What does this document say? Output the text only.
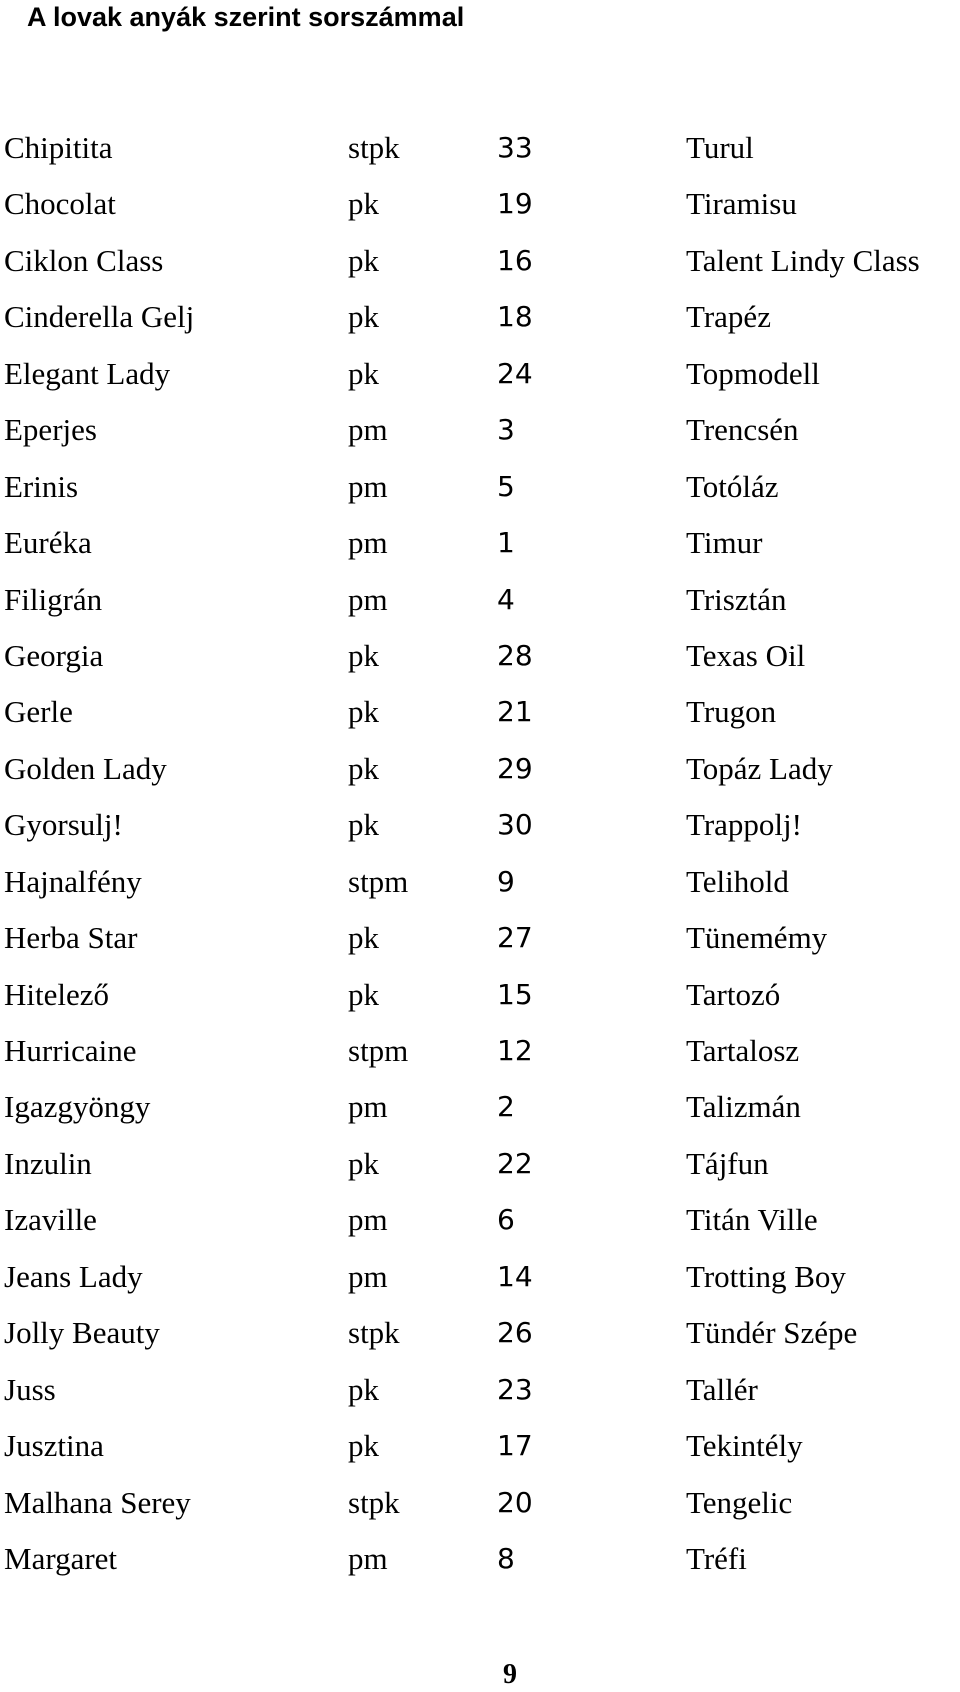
A lovak anyák szerint sorszámmal
Chipitita	stpk	33	Turul
Chocolat	pk	19	Tiramisu
Ciklon Class	pk	16	Talent Lindy Class
Cinderella Gelj	pk	18	Trapéz
Elegant Lady	pk	24	Topmodell
Eperjes	pm	3	Trencsén
Erinis	pm	5	Totóláz
Euréka	pm	1	Timur
Filigrán	pm	4	Trisztán
Georgia	pk	28	Texas Oil
Gerle	pk	21	Trugon
Golden Lady	pk	29	Topáz Lady
Gyorsulj!	pk	30	Trappolj!
Hajnalfény	stpm	9	Telihold
Herba Star	pk	27	Tünemémy
Hitelező	pk	15	Tartozó
Hurricaine	stpm	12	Tartalosz
Igazgyöngy	pm	2	Talizmán
Inzulin	pk	22	Tájfun
Izaville	pm	6	Titán Ville
Jeans Lady	pm	14	Trotting Boy
Jolly Beauty	stpk	26	Tündér Szépe
Juss	pk	23	Tallér
Jusztina	pk	17	Tekintély
Malhana Serey	stpk	20	Tengelic
Margaret	pm	8	Tréfi
9
